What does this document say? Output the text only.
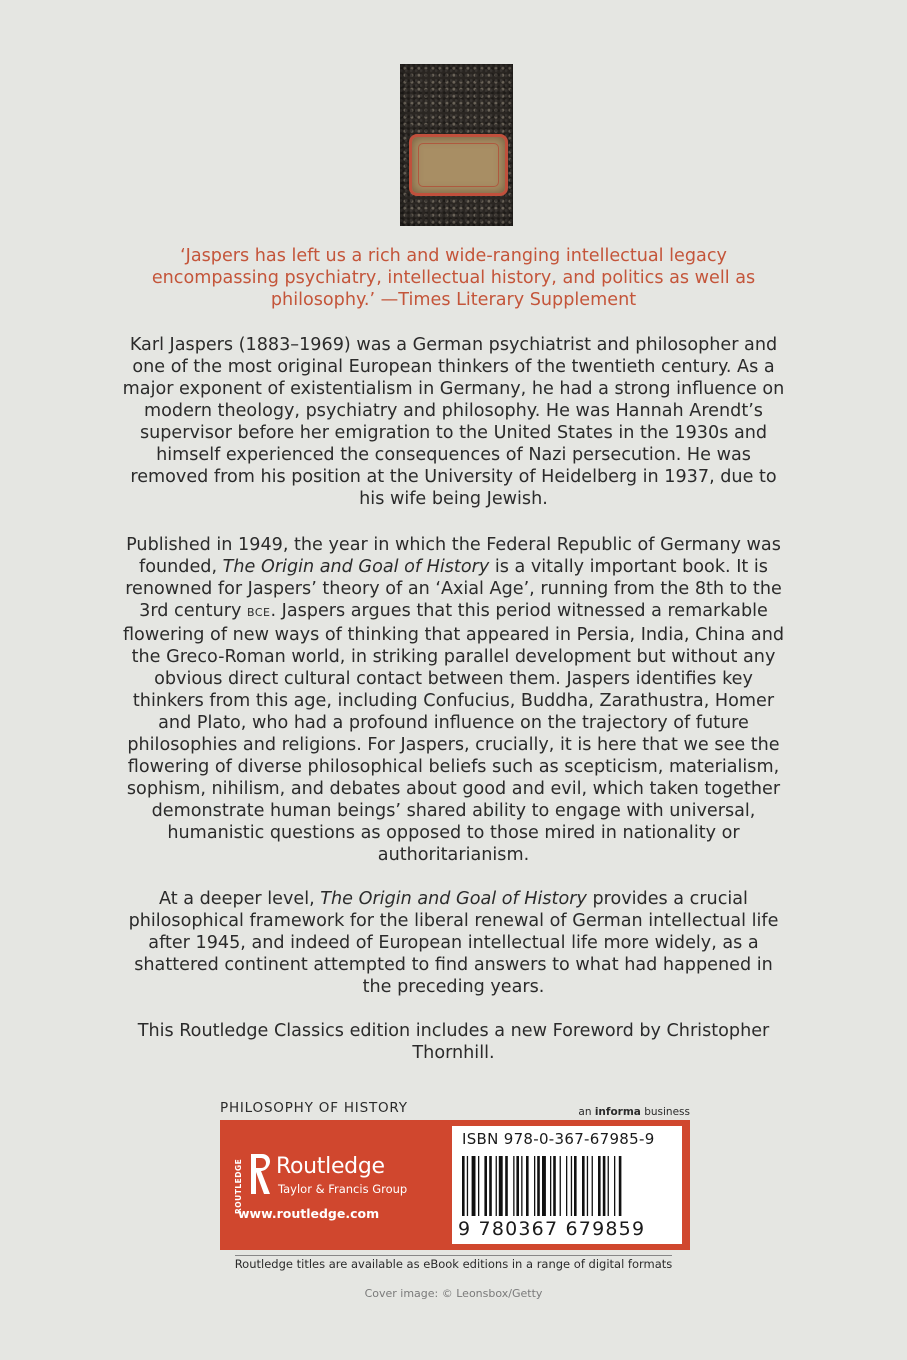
‘Jaspers has left us a rich and wide-ranging intellectual legacy encompassing psychiatry, intellectual history, and politics as well as philosophy.’ —Times Literary Supplement

Karl Jaspers (1883–1969) was a German psychiatrist and philosopher and one of the most original European thinkers of the twentieth century. As a major exponent of existentialism in Germany, he had a strong influence on modern theology, psychiatry and philosophy. He was Hannah Arendt’s supervisor before her emigration to the United States in the 1930s and himself experienced the consequences of Nazi persecution. He was removed from his position at the University of Heidelberg in 1937, due to his wife being Jewish.

Published in 1949, the year in which the Federal Republic of Germany was founded, The Origin and Goal of History is a vitally important book. It is renowned for Jaspers’ theory of an ‘Axial Age’, running from the 8th to the 3rd century BCE. Jaspers argues that this period witnessed a remarkable flowering of new ways of thinking that appeared in Persia, India, China and the Greco-Roman world, in striking parallel development but without any obvious direct cultural contact between them. Jaspers identifies key thinkers from this age, including Confucius, Buddha, Zarathustra, Homer and Plato, who had a profound influence on the trajectory of future philosophies and religions. For Jaspers, crucially, it is here that we see the flowering of diverse philosophical beliefs such as scepticism, materialism, sophism, nihilism, and debates about good and evil, which taken together demonstrate human beings’ shared ability to engage with universal, humanistic questions as opposed to those mired in nationality or authoritarianism.

At a deeper level, The Origin and Goal of History provides a crucial philosophical framework for the liberal renewal of German intellectual life after 1945, and indeed of European intellectual life more widely, as a shattered continent attempted to find answers to what had happened in the preceding years.

This Routledge Classics edition includes a new Foreword by Christopher Thornhill.

PHILOSOPHY OF HISTORY	an informa business
ROUTLEDGE Routledge
Taylor & Francis Group
www.routledge.com
ISBN 978-0-367-67985-9
9 780367 679859
Routledge titles are available as eBook editions in a range of digital formats
Cover image: © Leonsbox/Getty
